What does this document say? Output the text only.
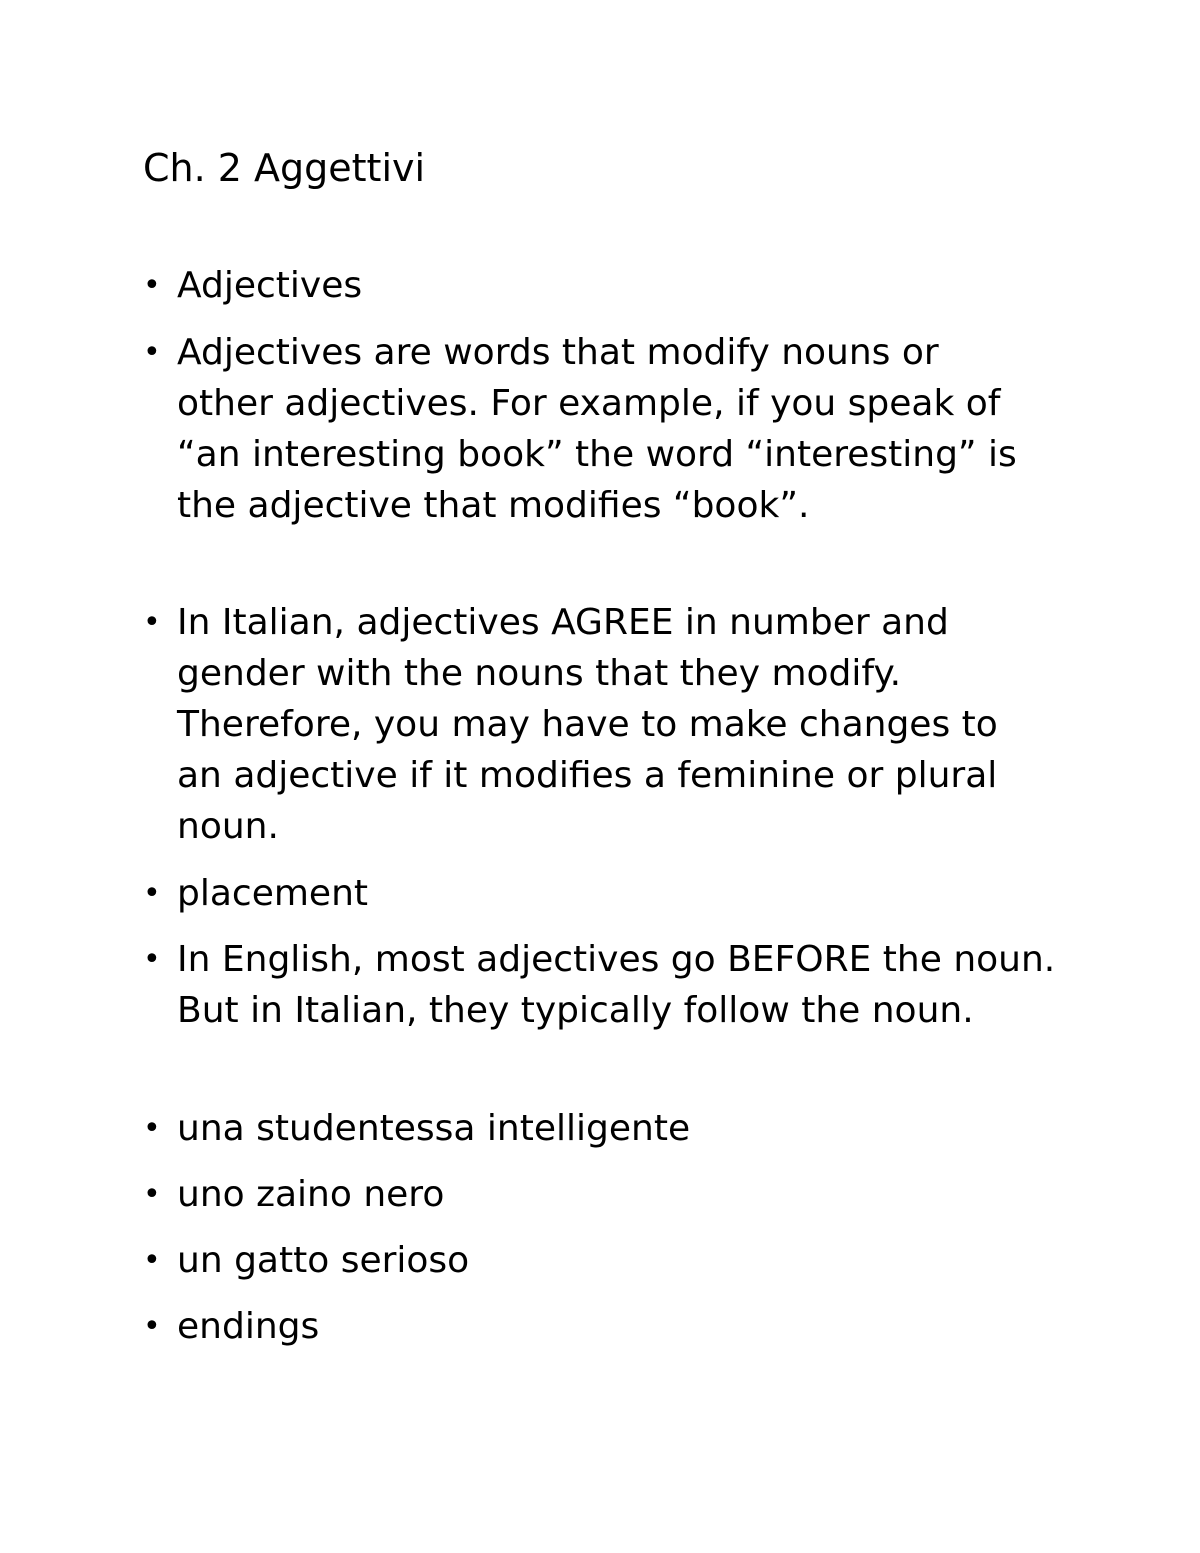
Ch. 2 Aggettivi
• Adjectives
• Adjectives are words that modify nouns or
other adjectives. For example, if you speak of
“an interesting book” the word “interesting” is
the adjective that modifies “book”.
• In Italian, adjectives AGREE in number and
gender with the nouns that they modify.
Therefore, you may have to make changes to
an adjective if it modifies a feminine or plural
noun.
• placement
• In English, most adjectives go BEFORE the noun.
But in Italian, they typically follow the noun.
• una studentessa intelligente
• uno zaino nero
• un gatto serioso
• endings
